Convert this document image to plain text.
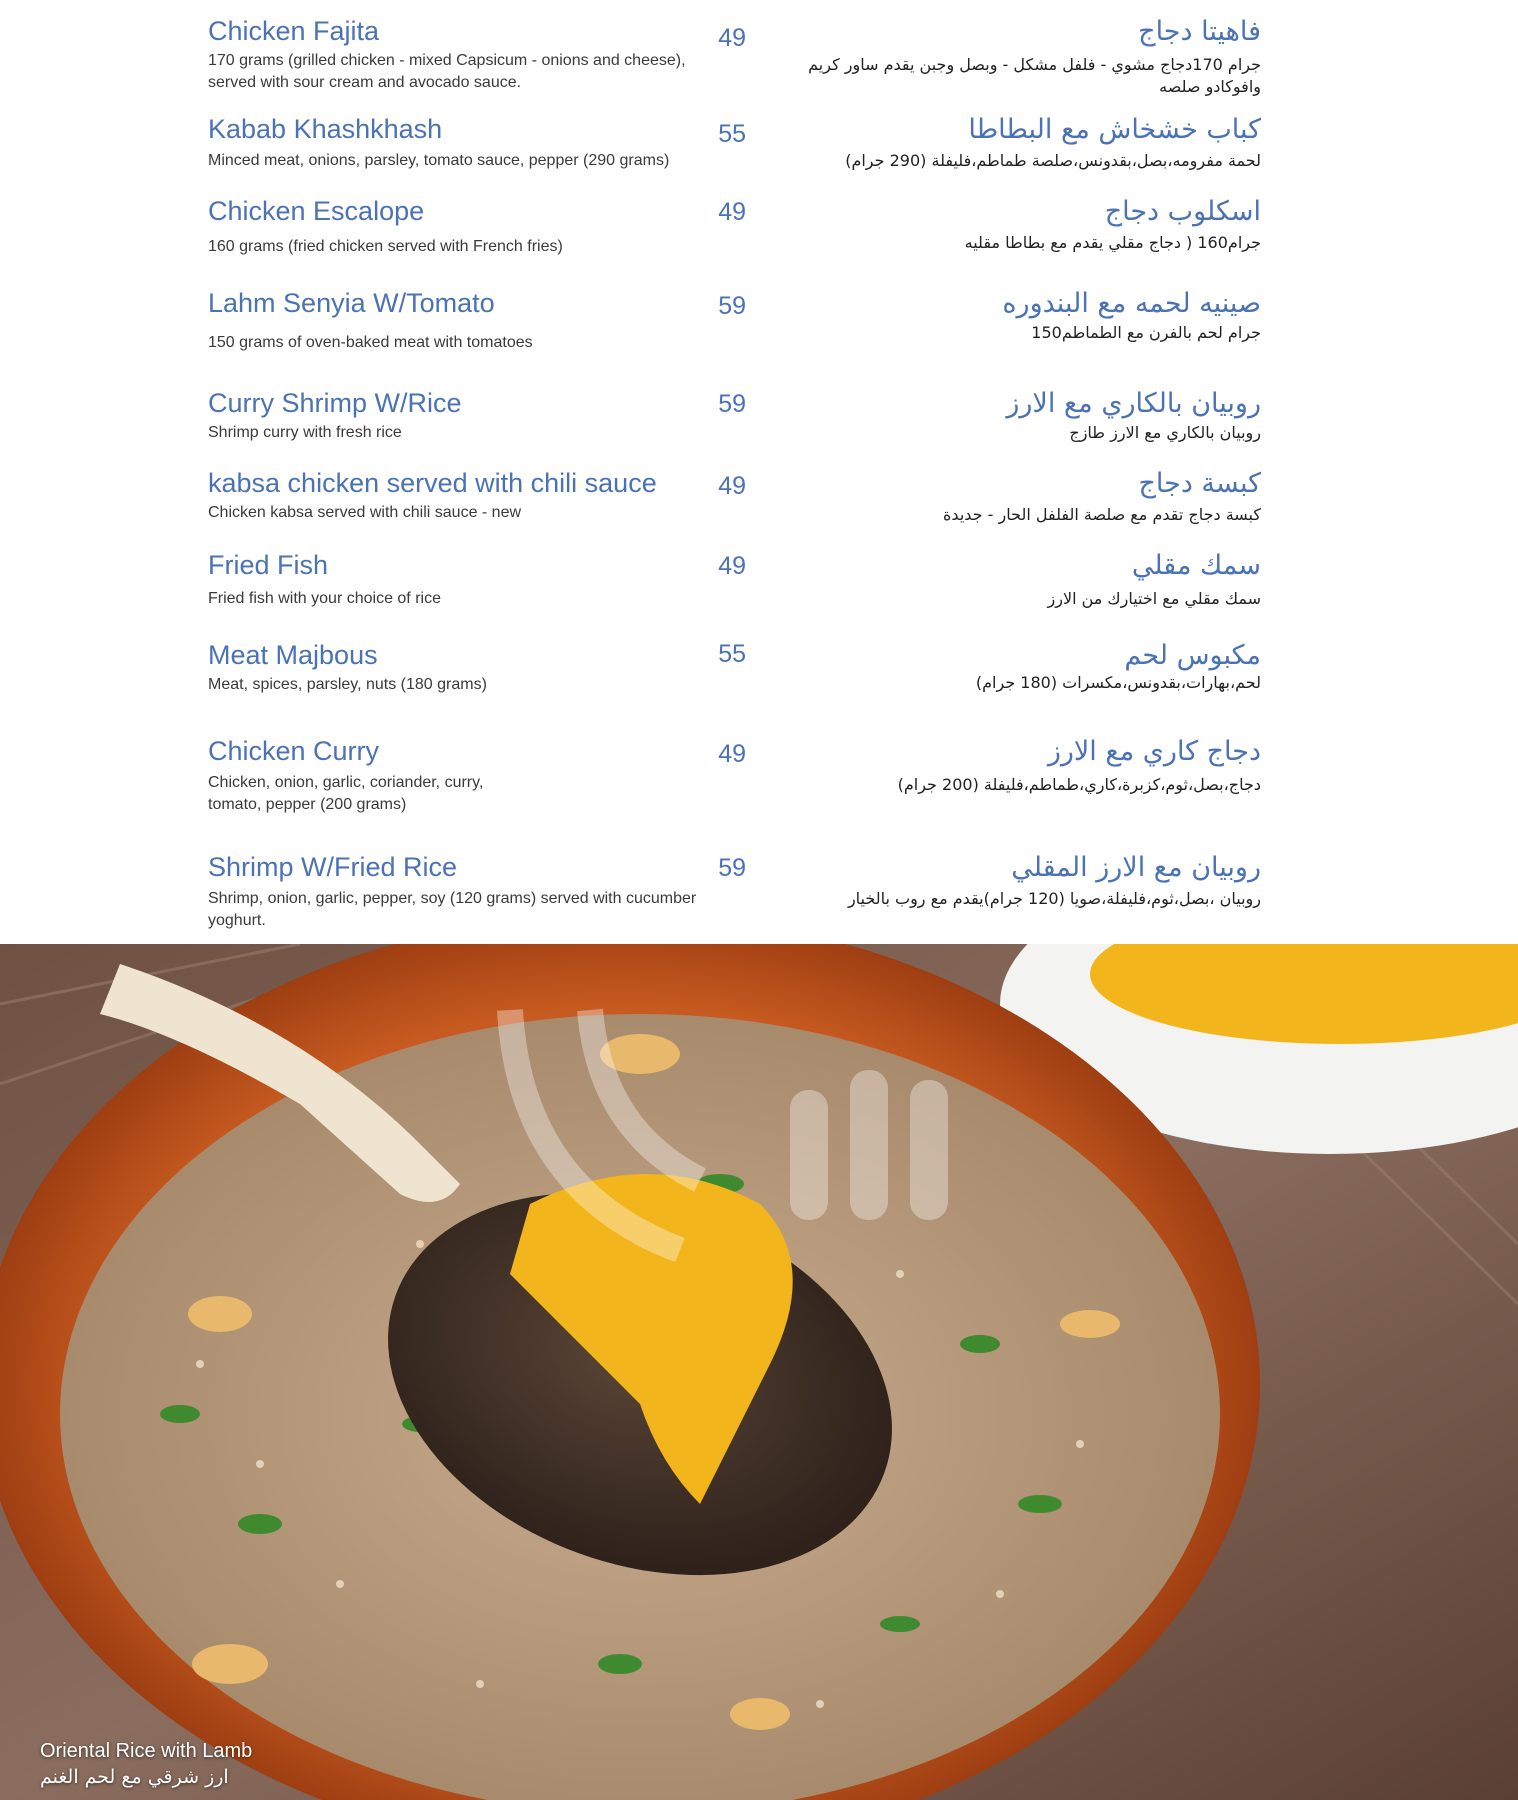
Chicken Fajita	49
170 grams (grilled chicken - mixed Capsicum - onions and cheese), served with sour cream and avocado sauce.
فاهيتا دجاج
جرام 170دجاج مشوي - فلفل مشكل - وبصل وجبن يقدم ساور كريم وافوكادو صلصه
Kabab Khashkhash	55
Minced meat, onions, parsley, tomato sauce, pepper (290 grams)
كباب خشخاش مع البطاطا
لحمة مفرومه،بصل،بقدونس،صلصة طماطم،فليفلة (290 جرام)
Chicken Escalope	49
160 grams (fried chicken served with French fries)
اسكلوب دجاج
جرام160 ( دجاج مقلي يقدم مع بطاطا مقليه
Lahm Senyia W/Tomato	59
150 grams of oven-baked meat with tomatoes
صينيه لحمه مع البندوره
جرام لحم بالفرن مع الطماطم150
Curry Shrimp W/Rice	59
Shrimp curry with fresh rice
روبيان بالكاري مع الارز
روبيان بالكاري مع الارز طازج
kabsa chicken served with chili sauce	49
Chicken kabsa served with chili sauce - new
كبسة دجاج
كبسة دجاج تقدم مع صلصة الفلفل الحار - جديدة
Fried Fish	49
Fried fish with your choice of rice
سمك مقلي
سمك مقلي مع اختيارك من الارز
Meat Majbous	55
Meat, spices, parsley, nuts (180 grams)
مكبوس لحم
لحم،بهارات،بقدونس،مكسرات (180 جرام)
Chicken Curry	49
Chicken, onion, garlic, coriander, curry, tomato, pepper (200 grams)
دجاج كاري مع الارز
دجاج،بصل،ثوم،كزبرة،كاري،طماطم،فليفلة (200 جرام)
Shrimp W/Fried Rice	59
Shrimp, onion, garlic, pepper, soy (120 grams) served with cucumber yoghurt.
روبيان مع الارز المقلي
روبيان ،بصل،ثوم،فليفلة،صويا (120 جرام)يقدم مع روب بالخيار
Oriental Rice with Lamb
ارز شرقي مع لحم الغنم
